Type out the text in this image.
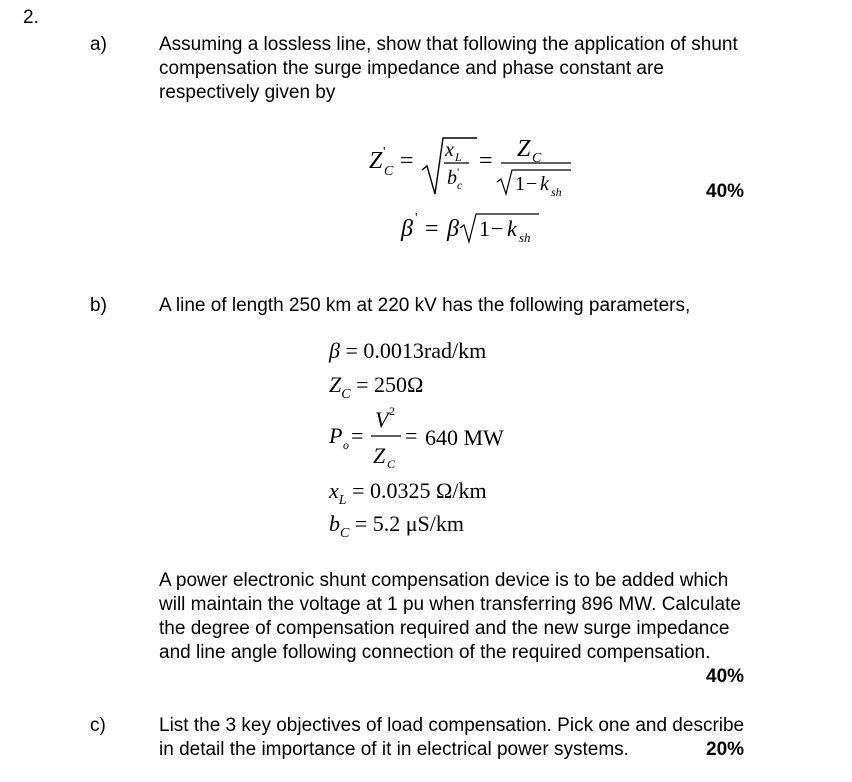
2.
a)	Assuming a lossless line, show that following the application of shunt
compensation the surge impedance and phase constant are
respectively given by
Z '
C = x L
b '
c
= Z C
1 − k sh
β ' = β 1 − k sh
40%
b)	A line of length 250 km at 220 kV has the following parameters,
β = 0.0013rad/km
$Z_C = 250\Omega$
P o =
V 2
Z C
= 640 MW
$x_L = 0.0325$ Ω/km
$b_C = 5.2$ μS/km
A power electronic shunt compensation device is to be added which
will maintain the voltage at 1 pu when transferring 896 MW. Calculate
the degree of compensation required and the new surge impedance
and line angle following connection of the required compensation.
40%
c)	List the 3 key objectives of load compensation. Pick one and describe
in detail the importance of it in electrical power systems.	20%
